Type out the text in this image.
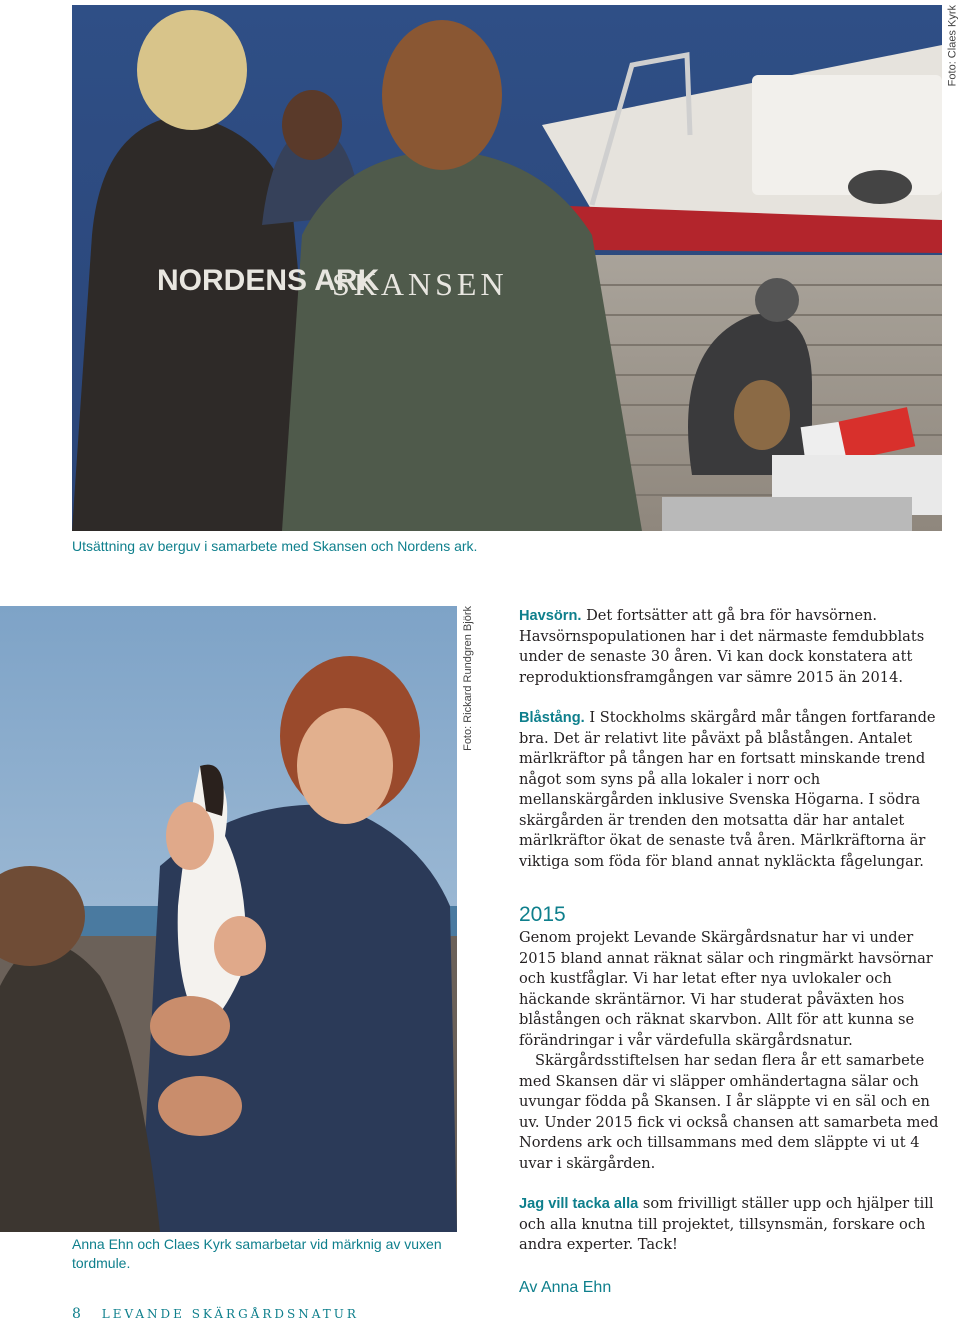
NORDENS ARK
SKANSEN
Foto: Claes Kyrk
Utsättning av berguv i samarbete med Skansen och Nordens ark.
Foto: Rickard Rundgren Björk
Anna Ehn och Claes Kyrk samarbetar vid märknig av vuxen tordmule.

Havsörn. Det fortsätter att gå bra för havsörnen. Havsörnspopulationen har i det närmaste femdubblats under de senaste 30 åren. Vi kan dock konstatera att reproduktionsframgången var sämre 2015 än 2014.

Blåstång. I Stockholms skärgård mår tången fortfarande bra. Det är relativt lite påväxt på blåstången. Antalet märlkräftor på tången har en fortsatt minskande trend något som syns på alla lokaler i norr och mellanskärgården inklusive Svenska Högarna. I södra skärgården är trenden den motsatta där har antalet märlkräftor ökat de senaste två åren. Märlkräftorna är viktiga som föda för bland annat nykläckta fågelungar.

2015

Genom projekt Levande Skärgårdsnatur har vi under 2015 bland annat räknat sälar och ringmärkt havsörnar och kustfåglar. Vi har letat efter nya uvlokaler och häckande skräntärnor. Vi har studerat påväxten hos blåstången och räknat skarvbon. Allt för att kunna se förändringar i vår värdefulla skärgårdsnatur.

Skärgårdsstiftelsen har sedan flera år ett samarbete med Skansen där vi släpper omhändertagna sälar och uvungar födda på Skansen. I år släppte vi en säl och en uv. Under 2015 fick vi också chansen att samarbeta med Nordens ark och tillsammans med dem släppte vi ut 4 uvar i skärgården.

Jag vill tacka alla som frivilligt ställer upp och hjälper till och alla knutna till projektet, tillsynsmän, forskare och andra experter. Tack!

Av Anna Ehn

8 LEVANDE SKÄRGÅRDSNATUR
